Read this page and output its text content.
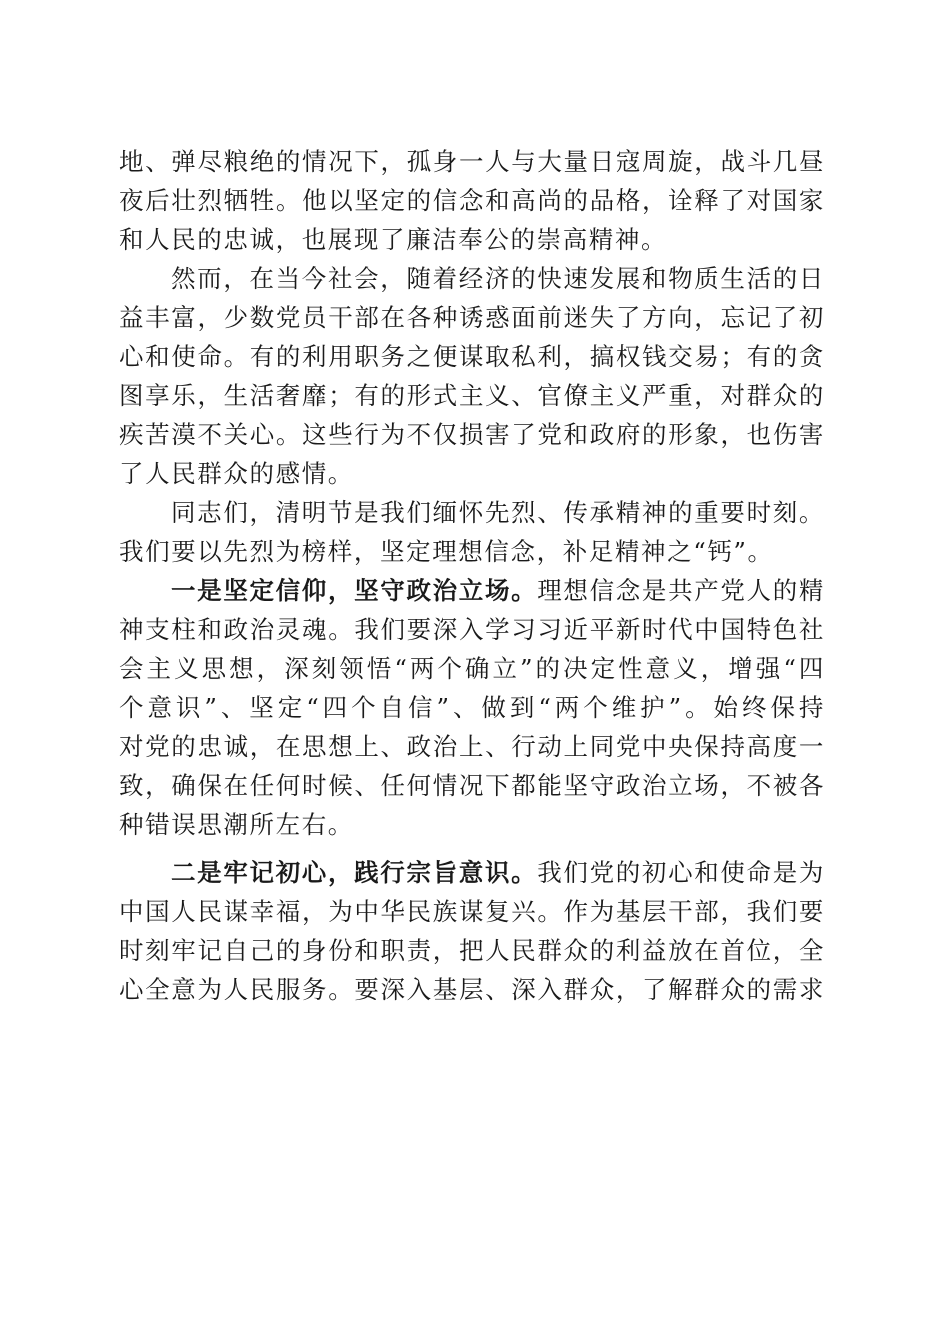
地、弹尽粮绝的情况下，孤身一人与大量日寇周旋，战斗几昼
夜后壮烈牺牲。他以坚定的信念和高尚的品格，诠释了对国家
和人民的忠诚，也展现了廉洁奉公的崇高精神。
然而，在当今社会，随着经济的快速发展和物质生活的日
益丰富，少数党员干部在各种诱惑面前迷失了方向，忘记了初
心和使命。有的利用职务之便谋取私利，搞权钱交易；有的贪
图享乐，生活奢靡；有的形式主义、官僚主义严重，对群众的
疾苦漠不关心。这些行为不仅损害了党和政府的形象，也伤害
了人民群众的感情。
同志们，清明节是我们缅怀先烈、传承精神的重要时刻。
我们要以先烈为榜样，坚定理想信念，补足精神之“钙”。
一是坚定信仰，坚守政治立场。理想信念是共产党人的精
神支柱和政治灵魂。我们要深入学习习近平新时代中国特色社
会主义思想，深刻领悟“两个确立”的决定性意义，增强“四
个意识”、坚定“四个自信”、做到“两个维护”。始终保持
对党的忠诚，在思想上、政治上、行动上同党中央保持高度一
致，确保在任何时候、任何情况下都能坚守政治立场，不被各
种错误思潮所左右。
二是牢记初心，践行宗旨意识。我们党的初心和使命是为
中国人民谋幸福，为中华民族谋复兴。作为基层干部，我们要
时刻牢记自己的身份和职责，把人民群众的利益放在首位，全
心全意为人民服务。要深入基层、深入群众，了解群众的需求
